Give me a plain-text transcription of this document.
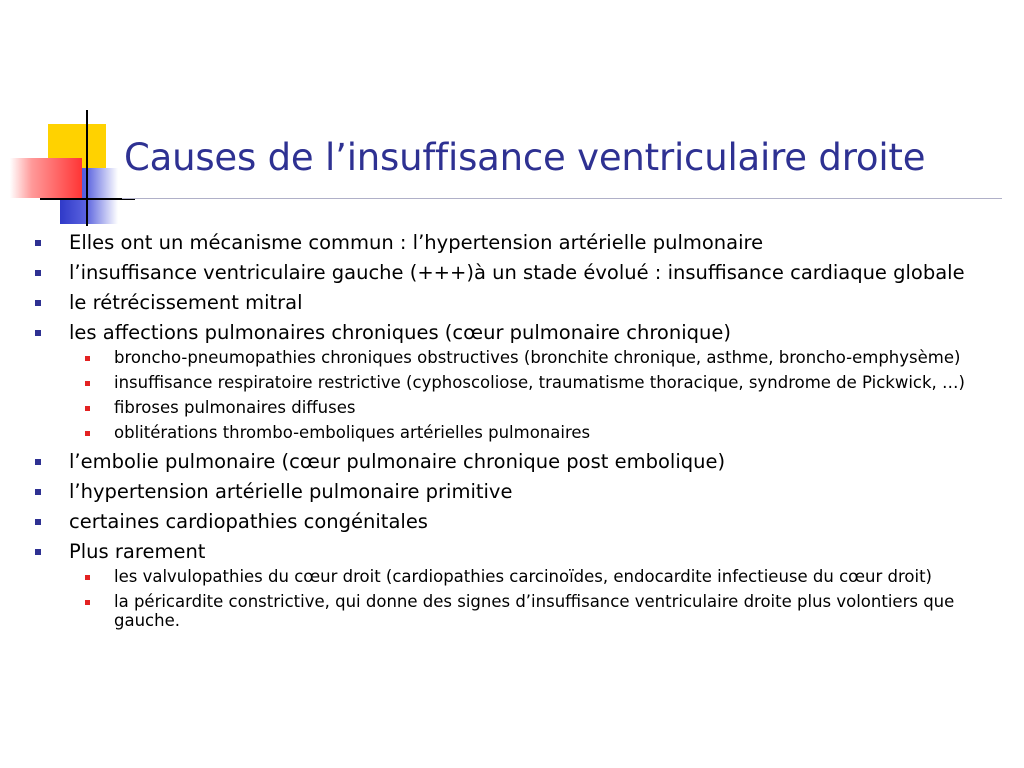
Causes de l’insuffisance ventriculaire droite
Elles ont un mécanisme commun : l’hypertension artérielle pulmonaire
l’insuffisance ventriculaire gauche (+++)à un stade évolué : insuffisance cardiaque globale
le rétrécissement mitral
les affections pulmonaires chroniques (cœur pulmonaire chronique)
broncho-pneumopathies chroniques obstructives (bronchite chronique, asthme, broncho-emphysème)
insuffisance respiratoire restrictive (cyphoscoliose, traumatisme thoracique, syndrome de Pickwick, …)
fibroses pulmonaires diffuses
oblitérations thrombo-emboliques artérielles pulmonaires
l’embolie pulmonaire (cœur pulmonaire chronique post embolique)
l’hypertension artérielle pulmonaire primitive
certaines cardiopathies congénitales
Plus rarement
les valvulopathies du cœur droit (cardiopathies carcinoïdes, endocardite infectieuse du cœur droit)
la péricardite constrictive, qui donne des signes d’insuffisance ventriculaire droite plus volontiers que gauche.
